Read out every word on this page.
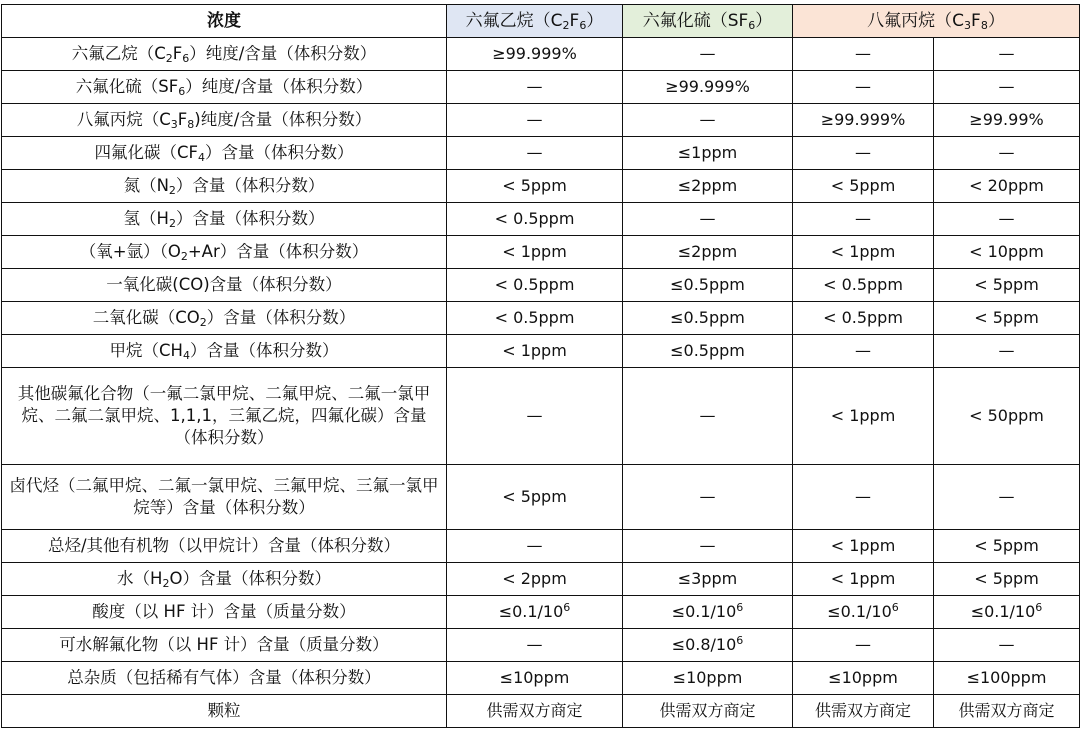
浓度	六氟乙烷$(C_2F_6)$	六氟化硫$(SF_6)$	八氟丙烷$(C_3F_8)$	
六氟乙烷$(C_2F_6)$纯度/含量（体积分数）	≥99.999%	—	—	—
六氟化硫$(SF_6)$纯度/含量（体积分数）	—	≥99.999%	—	—
八氟丙烷$(C_3F_8)$纯度/含量（体积分数）	—	—	≥99.999%	≥99.99%
四氟化碳$(CF_4)$含量（体积分数）	—	≤1ppm	—	—
氮$(N_2)$含量（体积分数）	< 5ppm	≤2ppm	< 5ppm	< 20ppm
氢$(H_2)$含量（体积分数）	< 0.5ppm	—	—	—
（氧+氩）$(O_2+Ar)$含量（体积分数）	< 1ppm	≤2ppm	< 1ppm	< 10ppm
一氧化碳(CO)含量（体积分数）	< 0.5ppm	≤0.5ppm	< 0.5ppm	< 5ppm
二氧化碳$(CO_2)$含量（体积分数）	< 0.5ppm	≤0.5ppm	< 0.5ppm	< 5ppm
甲烷$(CH_4)$含量（体积分数）	< 1ppm	≤0.5ppm	—	—
其他碳氟化合物（一氟二氯甲烷、二氟甲烷、二氟一氯甲烷、二氟二氯甲烷、1,1,1，三氟乙烷，四氟化碳）含量（体积分数）	—	—	< 1ppm	< 50ppm
卤代烃（二氟甲烷、二氟一氯甲烷、三氟甲烷、三氟一氯甲烷等）含量（体积分数）	< 5ppm	—	—	—
总烃/其他有机物（以甲烷计）含量（体积分数）	—	—	< 1ppm	< 5ppm
水$(H_2O)$含量（体积分数）	< 2ppm	≤3ppm	< 1ppm	< 5ppm
酸度（以 HF 计）含量（质量分数）	$\le 0.1/10^6$	$\le 0.1/10^6$	$\le 0.1/10^6$	$\le 0.1/10^6$
可水解氟化物（以 HF 计）含量（质量分数）	—	$\le 0.8/10^6$	—	—
总杂质（包括稀有气体）含量（体积分数）	≤10ppm	≤10ppm	≤10ppm	≤100ppm
颗粒	供需双方商定	供需双方商定	供需双方商定	供需双方商定
